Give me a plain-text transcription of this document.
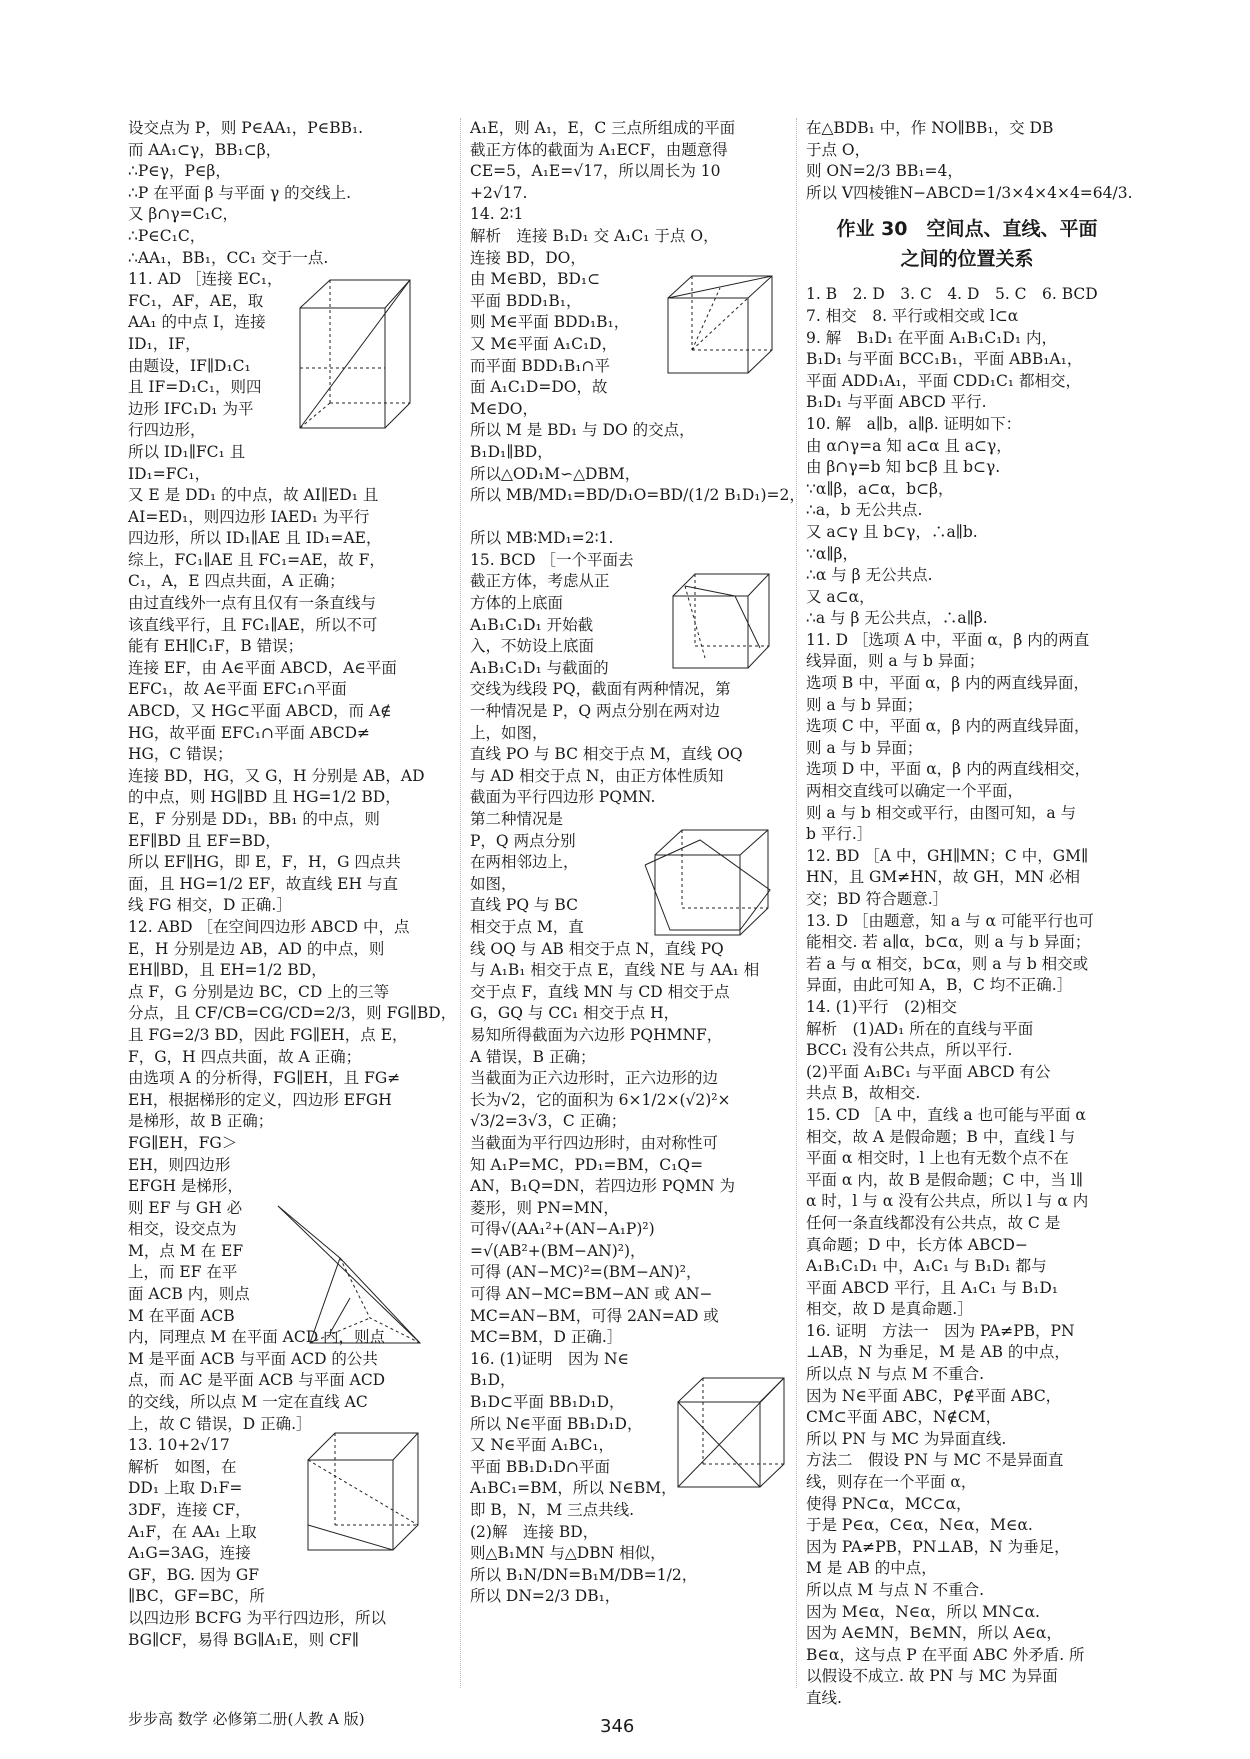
设交点为 P，则 P∈AA₁，P∈BB₁.

而 AA₁⊂γ，BB₁⊂β，

∴P∈γ，P∈β，

∴P 在平面 β 与平面 γ 的交线上.

又 β∩γ=C₁C，

∴P∈C₁C，

∴AA₁，BB₁，CC₁ 交于一点.

11. AD ［连接 EC₁，

FC₁，AF，AE，取

AA₁ 的中点 I，连接

ID₁，IF，

由题设，IF∥D₁C₁

且 IF=D₁C₁，则四

边形 IFC₁D₁ 为平

行四边形，

所以 ID₁∥FC₁ 且

ID₁=FC₁，

又 E 是 DD₁ 的中点，故 AI∥ED₁ 且

AI=ED₁，则四边形 IAED₁ 为平行

四边形，所以 ID₁∥AE 且 ID₁=AE，

综上，FC₁∥AE 且 FC₁=AE，故 F，

C₁，A，E 四点共面，A 正确；

由过直线外一点有且仅有一条直线与

该直线平行，且 FC₁∥AE，所以不可

能有 EH∥C₁F，B 错误；

连接 EF，由 A∈平面 ABCD，A∈平面

EFC₁，故 A∈平面 EFC₁∩平面

ABCD，又 HG⊂平面 ABCD，而 A∉

HG，故平面 EFC₁∩平面 ABCD≠

HG，C 错误；

连接 BD，HG，又 G，H 分别是 AB，AD

的中点，则 HG∥BD 且 HG=1/2 BD，

E，F 分别是 DD₁，BB₁ 的中点，则

EF∥BD 且 EF=BD，

所以 EF∥HG，即 E，F，H，G 四点共

面，且 HG=1/2 EF，故直线 EH 与直

线 FG 相交，D 正确.］

12. ABD ［在空间四边形 ABCD 中，点

E，H 分别是边 AB，AD 的中点，则

EH∥BD，且 EH=1/2 BD，

点 F，G 分别是边 BC，CD 上的三等

分点，且 CF/CB=CG/CD=2/3，则 FG∥BD，

且 FG=2/3 BD，因此 FG∥EH，点 E，

F，G，H 四点共面，故 A 正确；

由选项 A 的分析得，FG∥EH，且 FG≠

EH，根据梯形的定义，四边形 EFGH

是梯形，故 B 正确；

FG∥EH，FG＞

EH，则四边形

EFGH 是梯形，

则 EF 与 GH 必

相交，设交点为

M，点 M 在 EF

上，而 EF 在平

面 ACB 内，则点

M 在平面 ACB

内，同理点 M 在平面 ACD 内，则点

M 是平面 ACB 与平面 ACD 的公共

点，而 AC 是平面 ACB 与平面 ACD

的交线，所以点 M 一定在直线 AC

上，故 C 错误，D 正确.］

13. 10+2√17

解析　如图，在

DD₁ 上取 D₁F=

3DF，连接 CF，

A₁F，在 AA₁ 上取

A₁G=3AG，连接

GF，BG. 因为 GF

∥BC，GF=BC，所

以四边形 BCFG 为平行四边形，所以

BG∥CF，易得 BG∥A₁E，则 CF∥

A₁E，则 A₁，E，C 三点所组成的平面

截正方体的截面为 A₁ECF，由题意得

CE=5，A₁E=√17，所以周长为 10

+2√17.

14. 2∶1

解析　连接 B₁D₁ 交 A₁C₁ 于点 O，

连接 BD，DO，

由 M∈BD，BD₁⊂

平面 BDD₁B₁，

则 M∈平面 BDD₁B₁，

又 M∈平面 A₁C₁D，

而平面 BDD₁B₁∩平

面 A₁C₁D=DO，故

M∈DO，

所以 M 是 BD₁ 与 DO 的交点，

B₁D₁∥BD，

所以△OD₁M∽△DBM，

所以 MB/MD₁=BD/D₁O=BD/(1/2 B₁D₁)=2，

所以 MB∶MD₁=2∶1.

15. BCD ［一个平面去

截正方体，考虑从正

方体的上底面

A₁B₁C₁D₁ 开始截

入，不妨设上底面

A₁B₁C₁D₁ 与截面的

交线为线段 PQ，截面有两种情况，第

一种情况是 P，Q 两点分别在两对边

上，如图，

直线 PO 与 BC 相交于点 M，直线 OQ

与 AD 相交于点 N，由正方体性质知

截面为平行四边形 PQMN.

第二种情况是

P，Q 两点分别

在两相邻边上，

如图，

直线 PQ 与 BC

相交于点 M，直

线 OQ 与 AB 相交于点 N，直线 PQ

与 A₁B₁ 相交于点 E，直线 NE 与 AA₁ 相

交于点 F，直线 MN 与 CD 相交于点

G，GQ 与 CC₁ 相交于点 H，

易知所得截面为六边形 PQHMNF，

A 错误，B 正确；

当截面为正六边形时，正六边形的边

长为√2，它的面积为 6×1/2×(√2)²×

√3/2=3√3，C 正确；

当截面为平行四边形时，由对称性可

知 A₁P=MC，PD₁=BM，C₁Q=

AN，B₁Q=DN，若四边形 PQMN 为

菱形，则 PN=MN，

可得√(AA₁²+(AN−A₁P)²)

=√(AB²+(BM−AN)²)，

可得 (AN−MC)²=(BM−AN)²，

可得 AN−MC=BM−AN 或 AN−

MC=AN−BM，可得 2AN=AD 或

MC=BM，D 正确.］

16. (1)证明　因为 N∈

B₁D，

B₁D⊂平面 BB₁D₁D，

所以 N∈平面 BB₁D₁D，

又 N∈平面 A₁BC₁，

平面 BB₁D₁D∩平面

A₁BC₁=BM，所以 N∈BM，

即 B，N，M 三点共线.

(2)解　连接 BD，

则△B₁MN 与△DBN 相似，

所以 B₁N/DN=B₁M/DB=1/2，

所以 DN=2/3 DB₁，

在△BDB₁ 中，作 NO∥BB₁，交 DB

于点 O，

则 ON=2/3 BB₁=4，

所以 V四棱锥N−ABCD=1/3×4×4×4=64/3.

作业 30　空间点、直线、平面
之间的位置关系

1. B　2. D　3. C　4. D　5. C　6. BCD

7. 相交　8. 平行或相交或 l⊂α

9. 解　B₁D₁ 在平面 A₁B₁C₁D₁ 内，

B₁D₁ 与平面 BCC₁B₁，平面 ABB₁A₁，

平面 ADD₁A₁，平面 CDD₁C₁ 都相交，

B₁D₁ 与平面 ABCD 平行.

10. 解　a∥b，a∥β. 证明如下：

由 α∩γ=a 知 a⊂α 且 a⊂γ，

由 β∩γ=b 知 b⊂β 且 b⊂γ.

∵α∥β，a⊂α，b⊂β，

∴a，b 无公共点.

又 a⊂γ 且 b⊂γ，∴a∥b.

∵α∥β，

∴α 与 β 无公共点.

又 a⊂α，

∴a 与 β 无公共点，∴a∥β.

11. D ［选项 A 中，平面 α，β 内的两直

线异面，则 a 与 b 异面；

选项 B 中，平面 α，β 内的两直线异面，

则 a 与 b 异面；

选项 C 中，平面 α，β 内的两直线异面，

则 a 与 b 异面；

选项 D 中，平面 α，β 内的两直线相交，

两相交直线可以确定一个平面，

则 a 与 b 相交或平行，由图可知，a 与

b 平行.］

12. BD ［A 中，GH∥MN；C 中，GM∥

HN，且 GM≠HN，故 GH，MN 必相

交；BD 符合题意.］

13. D ［由题意，知 a 与 α 可能平行也可

能相交. 若 a∥α，b⊂α，则 a 与 b 异面；

若 a 与 α 相交，b⊂α，则 a 与 b 相交或

异面，由此可知 A，B，C 均不正确.］

14. (1)平行　(2)相交

解析　(1)AD₁ 所在的直线与平面

BCC₁ 没有公共点，所以平行.

(2)平面 A₁BC₁ 与平面 ABCD 有公

共点 B，故相交.

15. CD ［A 中，直线 a 也可能与平面 α

相交，故 A 是假命题；B 中，直线 l 与

平面 α 相交时，l 上也有无数个点不在

平面 α 内，故 B 是假命题；C 中，当 l∥

α 时，l 与 α 没有公共点，所以 l 与 α 内

任何一条直线都没有公共点，故 C 是

真命题；D 中，长方体 ABCD−

A₁B₁C₁D₁ 中，A₁C₁ 与 B₁D₁ 都与

平面 ABCD 平行，且 A₁C₁ 与 B₁D₁

相交，故 D 是真命题.］

16. 证明　方法一　因为 PA≠PB，PN

⊥AB，N 为垂足，M 是 AB 的中点，

所以点 N 与点 M 不重合.

因为 N∈平面 ABC，P∉平面 ABC，

CM⊂平面 ABC，N∉CM，

所以 PN 与 MC 为异面直线.

方法二　假设 PN 与 MC 不是异面直

线，则存在一个平面 α，

使得 PN⊂α，MC⊂α，

于是 P∈α，C∈α，N∈α，M∈α.

因为 PA≠PB，PN⊥AB，N 为垂足，

M 是 AB 的中点，

所以点 M 与点 N 不重合.

因为 M∈α，N∈α，所以 MN⊂α.

因为 A∈MN，B∈MN，所以 A∈α，

B∈α，这与点 P 在平面 ABC 外矛盾. 所

以假设不成立. 故 PN 与 MC 为异面

直线.

步步高 数学 必修第二册(人教 A 版)	346
